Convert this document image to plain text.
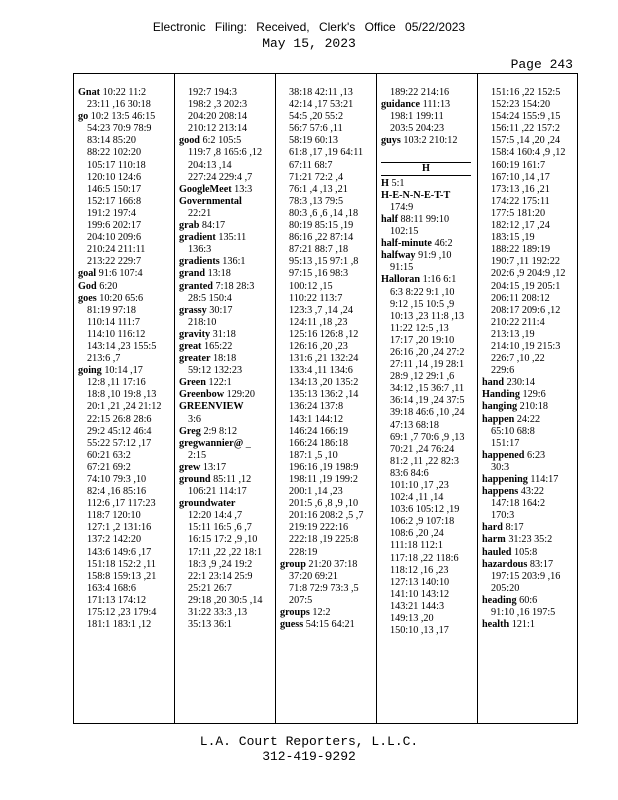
Electronic Filing: Received, Clerk's Office 05/22/2023
May 15, 2023
Page 243
Gnat 10:22 11:2
23:11 ,16 30:18
go 10:2 13:5 46:15
54:23 70:9 78:9
83:14 85:20
88:22 102:20
105:17 110:18
120:10 124:6
146:5 150:17
152:17 166:8
191:2 197:4
199:6 202:17
204:10 209:6
210:24 211:11
213:22 229:7
goal 91:6 107:4
God 6:20
goes 10:20 65:6
81:19 97:18
110:14 111:7
114:10 116:12
143:14 ,23 155:5
213:6 ,7
going 10:14 ,17
12:8 ,11 17:16
18:8 ,10 19:8 ,13
20:1 ,21 ,24 21:12
22:15 26:8 28:6
29:2 45:12 46:4
55:22 57:12 ,17
60:21 63:2
67:21 69:2
74:10 79:3 ,10
82:4 ,16 85:16
112:6 ,17 117:23
118:7 120:10
127:1 ,2 131:16
137:2 142:20
143:6 149:6 ,17
151:18 152:2 ,11
158:8 159:13 ,21
163:4 168:6
171:13 174:12
175:12 ,23 179:4
181:1 183:1 ,12
192:7 194:3
198:2 ,3 202:3
204:20 208:14
210:12 213:14
good 6:2 105:5
119:7 ,8 165:6 ,12
204:13 ,14
227:24 229:4 ,7
GoogleMeet 13:3
Governmental
22:21
grab 84:17
gradient 135:11
136:3
gradients 136:1
grand 13:18
granted 7:18 28:3
28:5 150:4
grassy 30:17
218:10
gravity 31:18
great 165:22
greater 18:18
59:12 132:23
Green 122:1
Greenbow 129:20
GREENVIEW
3:6
Greg 2:9 8:12
gregwannier@ _
2:15
grew 13:17
ground 85:11 ,12
106:21 114:17
groundwater
12:20 14:4 ,7
15:11 16:5 ,6 ,7
16:15 17:2 ,9 ,10
17:11 ,22 ,22 18:1
18:3 ,9 ,24 19:2
22:1 23:14 25:9
25:21 26:7
29:18 ,20 30:5 ,14
31:22 33:3 ,13
35:13 36:1
38:18 42:11 ,13
42:14 ,17 53:21
54:5 ,20 55:2
56:7 57:6 ,11
58:19 60:13
61:8 ,17 ,19 64:11
67:11 68:7
71:21 72:2 ,4
76:1 ,4 ,13 ,21
78:3 ,13 79:5
80:3 ,6 ,6 ,14 ,18
80:19 85:15 ,19
86:16 ,22 87:14
87:21 88:7 ,18
95:13 ,15 97:1 ,8
97:15 ,16 98:3
100:12 ,15
110:22 113:7
123:3 ,7 ,14 ,24
124:11 ,18 ,23
125:16 126:8 ,12
126:16 ,20 ,23
131:6 ,21 132:24
133:4 ,11 134:6
134:13 ,20 135:2
135:13 136:2 ,14
136:24 137:8
143:1 144:12
146:24 166:19
166:24 186:18
187:1 ,5 ,10
196:16 ,19 198:9
198:11 ,19 199:2
200:1 ,14 ,23
201:5 ,6 ,8 ,9 ,10
201:16 208:2 ,5 ,7
219:19 222:16
222:18 ,19 225:8
228:19
group 21:20 37:18
37:20 69:21
71:8 72:9 73:3 ,5
207:5
groups 12:2
guess 54:15 64:21
189:22 214:16
guidance 111:13
198:1 199:11
203:5 204:23
guys 103:2 210:12
H
H 5:1
H-E-N-N-E-T-T
174:9
half 88:11 99:10
102:15
half-minute 46:2
halfway 91:9 ,10
91:15
Halloran 1:16 6:1
6:3 8:22 9:1 ,10
9:12 ,15 10:5 ,9
10:13 ,23 11:8 ,13
11:22 12:5 ,13
17:17 ,20 19:10
26:16 ,20 ,24 27:2
27:11 ,14 ,19 28:1
28:9 ,12 29:1 ,6
34:12 ,15 36:7 ,11
36:14 ,19 ,24 37:5
39:18 46:6 ,10 ,24
47:13 68:18
69:1 ,7 70:6 ,9 ,13
70:21 ,24 76:24
81:2 ,11 ,22 82:3
83:6 84:6
101:10 ,17 ,23
102:4 ,11 ,14
103:6 105:12 ,19
106:2 ,9 107:18
108:6 ,20 ,24
111:18 112:1
117:18 ,22 118:6
118:12 ,16 ,23
127:13 140:10
141:10 143:12
143:21 144:3
149:13 ,20
150:10 ,13 ,17
151:16 ,22 152:5
152:23 154:20
154:24 155:9 ,15
156:11 ,22 157:2
157:5 ,14 ,20 ,24
158:4 160:4 ,9 ,12
160:19 161:7
167:10 ,14 ,17
173:13 ,16 ,21
174:22 175:11
177:5 181:20
182:12 ,17 ,24
183:15 ,19
188:22 189:19
190:7 ,11 192:22
202:6 ,9 204:9 ,12
204:15 ,19 205:1
206:11 208:12
208:17 209:6 ,12
210:22 211:4
213:13 ,19
214:10 ,19 215:3
226:7 ,10 ,22
229:6
hand 230:14
Handing 129:6
hanging 210:18
happen 24:22
65:10 68:8
151:17
happened 6:23
30:3
happening 114:17
happens 43:22
147:18 164:2
170:3
hard 8:17
harm 31:23 35:2
hauled 105:8
hazardous 83:17
197:15 203:9 ,16
205:20
heading 60:6
91:10 ,16 197:5
health 121:1
L.A. Court Reporters, L.L.C.
312-419-9292
